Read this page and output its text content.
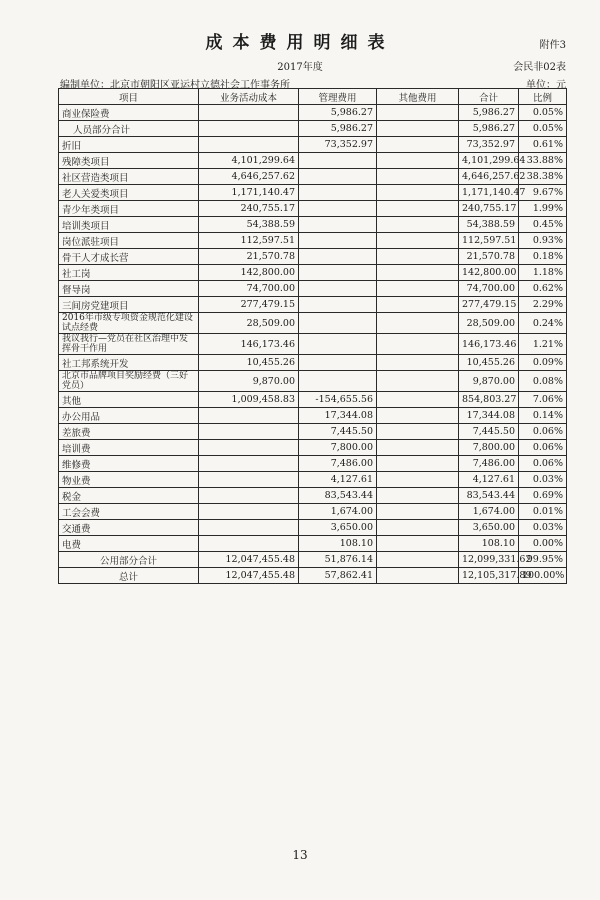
附件3
成本费用明细表
2017年度	会民非02表
编制单位：北京市朝阳区亚运村立德社会工作事务所	单位：元
项目	业务活动成本	管理费用	其他费用	合计	比例
商业保险费		5,986.27		5,986.27	0.05%
人员部分合计		5,986.27		5,986.27	0.05%
折旧		73,352.97		73,352.97	0.61%
残障类项目	4,101,299.64			4,101,299.64	33.88%
社区营造类项目	4,646,257.62			4,646,257.62	38.38%
老人关爱类项目	1,171,140.47			1,171,140.47	9.67%
青少年类项目	240,755.17			240,755.17	1.99%
培训类项目	54,388.59			54,388.59	0.45%
岗位派驻项目	112,597.51			112,597.51	0.93%
骨干人才成长营	21,570.78			21,570.78	0.18%
社工岗	142,800.00			142,800.00	1.18%
督导岗	74,700.00			74,700.00	0.62%
三间房党建项目	277,479.15			277,479.15	2.29%
2016年市级专项资金规范化建设试点经费	28,509.00			28,509.00	0.24%
我议我行—党员在社区治理中发挥骨干作用	146,173.46			146,173.46	1.21%
社工邦系统开发	10,455.26			10,455.26	0.09%
北京市品牌项目奖励经费（三好党员）	9,870.00			9,870.00	0.08%
其他	1,009,458.83	-154,655.56		854,803.27	7.06%
办公用品		17,344.08		17,344.08	0.14%
差旅费		7,445.50		7,445.50	0.06%
培训费		7,800.00		7,800.00	0.06%
维修费		7,486.00		7,486.00	0.06%
物业费		4,127.61		4,127.61	0.03%
税金		83,543.44		83,543.44	0.69%
工会会费		1,674.00		1,674.00	0.01%
交通费		3,650.00		3,650.00	0.03%
电费		108.10		108.10	0.00%
公用部分合计	12,047,455.48	51,876.14		12,099,331.62	99.95%
总计	12,047,455.48	57,862.41		12,105,317.89	100.00%
13
